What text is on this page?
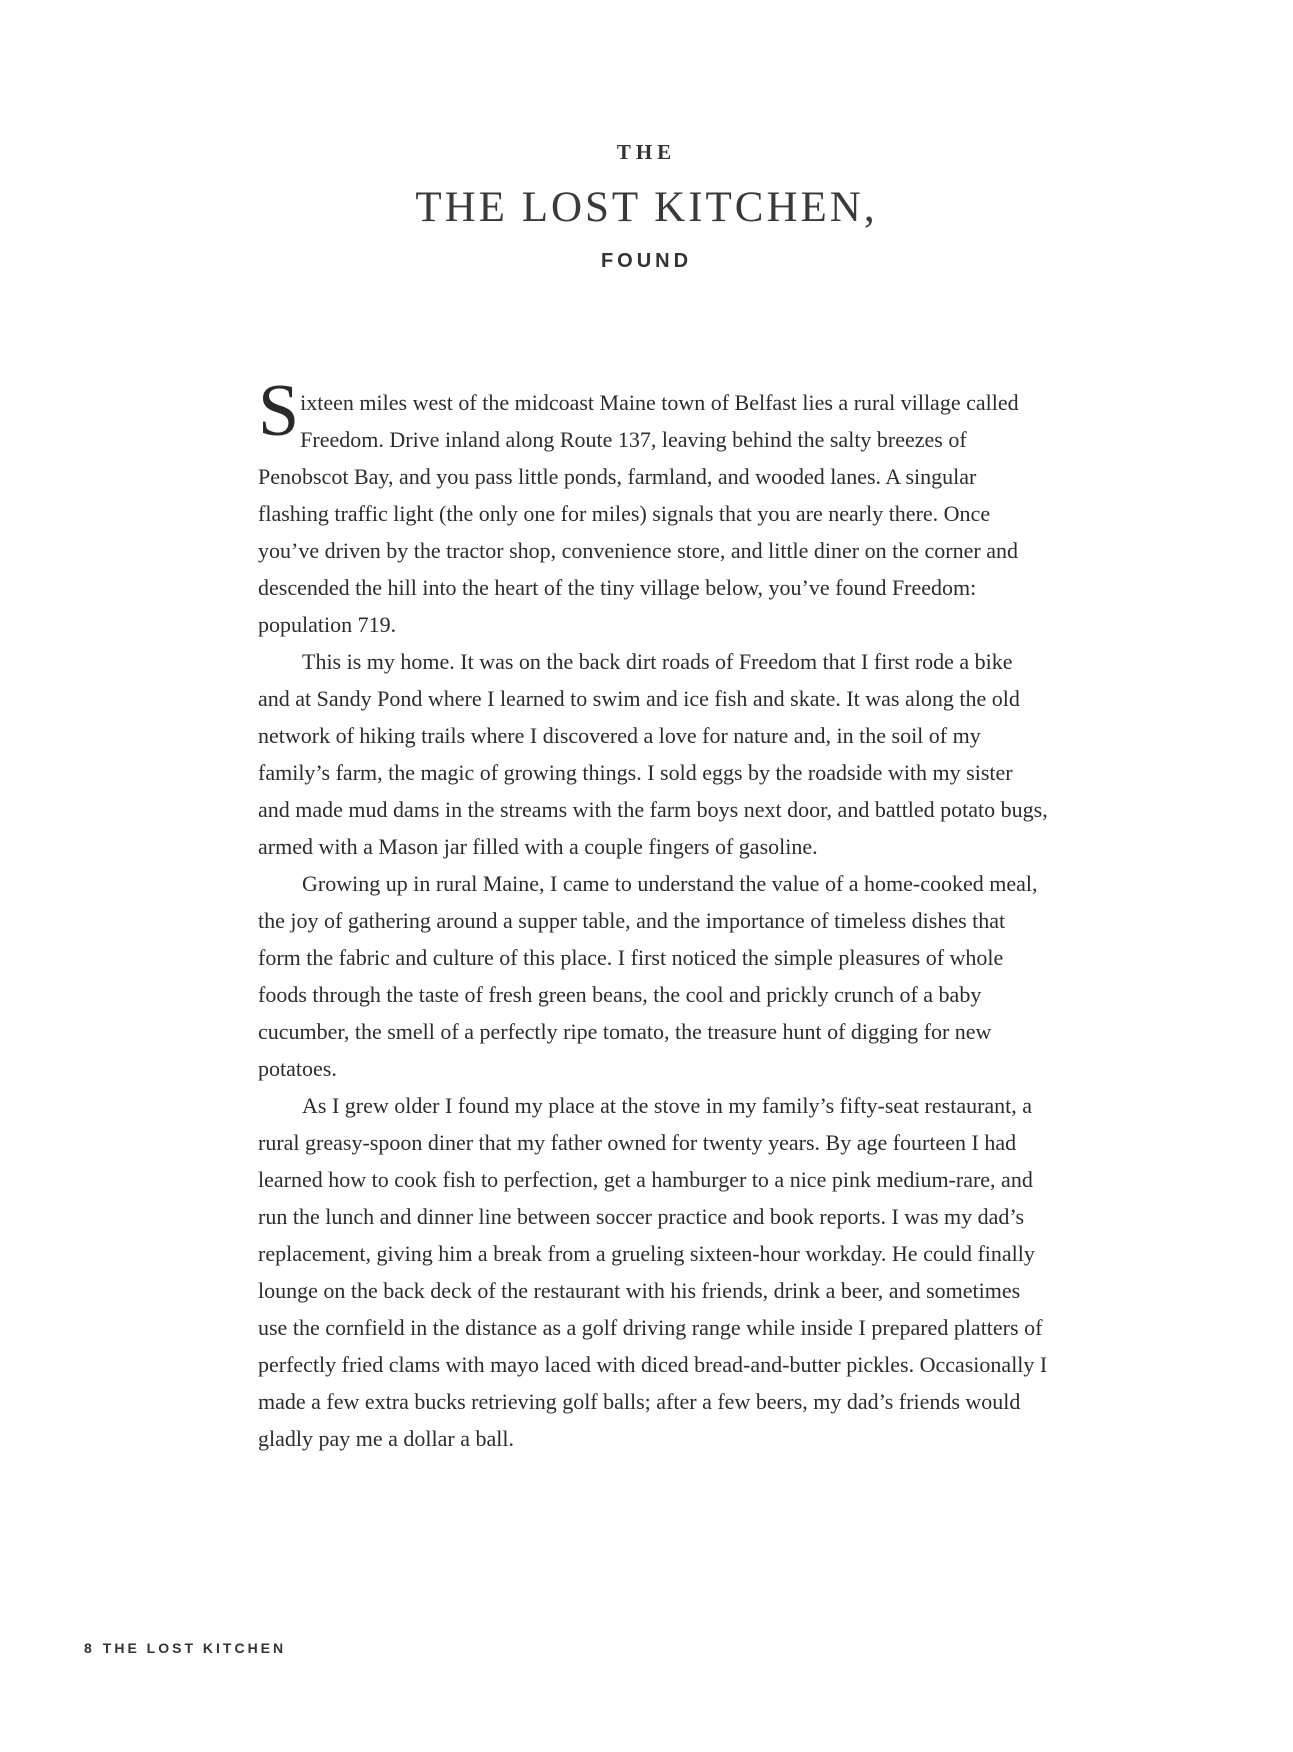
THE
THE LOST KITCHEN,
FOUND

Sixteen miles west of the midcoast Maine town of Belfast lies a rural village called Freedom. Drive inland along Route 137, leaving behind the salty breezes of Penobscot Bay, and you pass little ponds, farmland, and wooded lanes. A singular flashing traffic light (the only one for miles) signals that you are nearly there. Once you’ve driven by the tractor shop, convenience store, and little diner on the corner and descended the hill into the heart of the tiny village below, you’ve found Freedom: population 719.

This is my home. It was on the back dirt roads of Freedom that I first rode a bike and at Sandy Pond where I learned to swim and ice fish and skate. It was along the old network of hiking trails where I discovered a love for nature and, in the soil of my family’s farm, the magic of growing things. I sold eggs by the roadside with my sister and made mud dams in the streams with the farm boys next door, and battled potato bugs, armed with a Mason jar filled with a couple fingers of gasoline.

Growing up in rural Maine, I came to understand the value of a home-cooked meal, the joy of gathering around a supper table, and the importance of timeless dishes that form the fabric and culture of this place. I first noticed the simple pleasures of whole foods through the taste of fresh green beans, the cool and prickly crunch of a baby cucumber, the smell of a perfectly ripe tomato, the treasure hunt of digging for new potatoes.

As I grew older I found my place at the stove in my family’s fifty-seat restaurant, a rural greasy-spoon diner that my father owned for twenty years. By age fourteen I had learned how to cook fish to perfection, get a hamburger to a nice pink medium-rare, and run the lunch and dinner line between soccer practice and book reports. I was my dad’s replacement, giving him a break from a grueling sixteen-hour workday. He could finally lounge on the back deck of the restaurant with his friends, drink a beer, and sometimes use the cornfield in the distance as a golf driving range while inside I prepared platters of perfectly fried clams with mayo laced with diced bread-and-butter pickles. Occasionally I made a few extra bucks retrieving golf balls; after a few beers, my dad’s friends would gladly pay me a dollar a ball.

8 THE LOST KITCHEN
